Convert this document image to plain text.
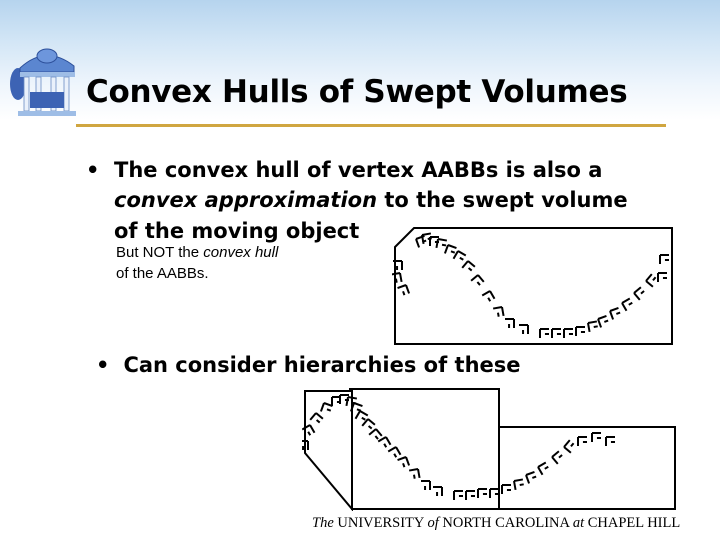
Convex Hulls of Swept Volumes
• The convex hull of vertex AABBs is also a
convex approximation to the swept volume
of the moving object
But NOT the convex hull
of the AABBs.
• Can consider hierarchies of these
The UNIVERSITY of NORTH CAROLINA at CHAPEL HILL
